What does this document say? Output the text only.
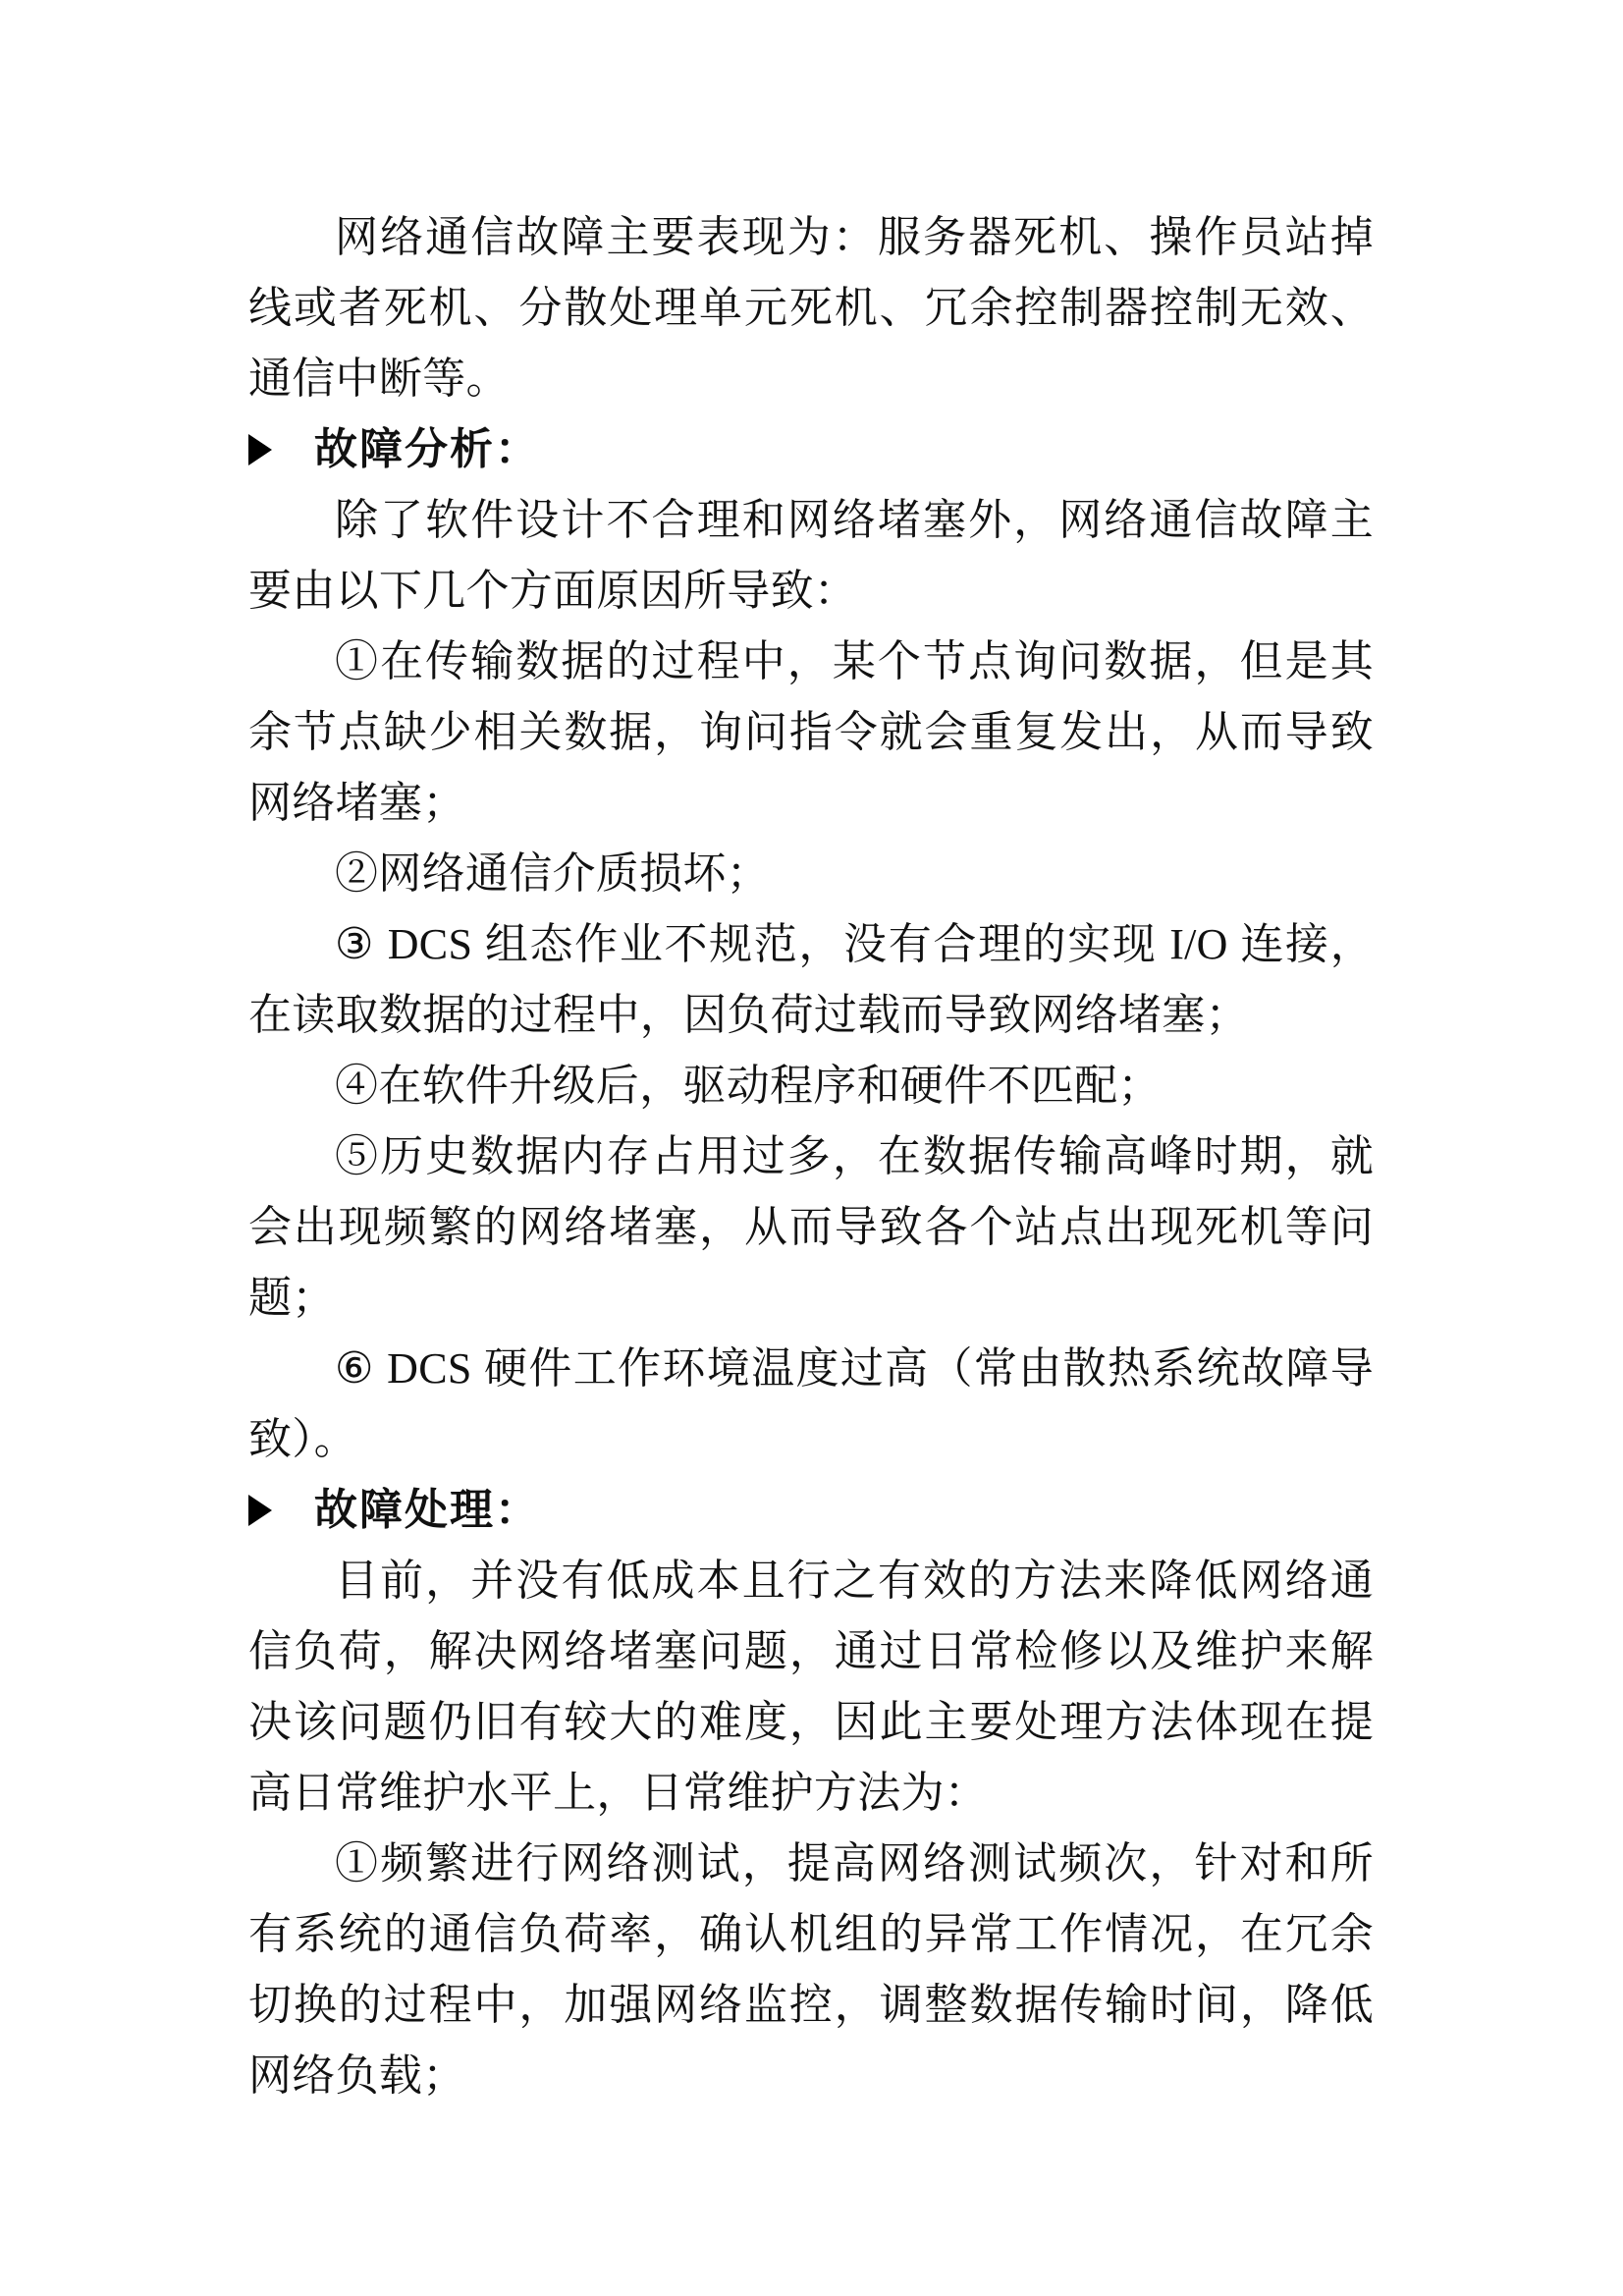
网络通信故障主要表现为：服务器死机、操作员站掉线或者死机、分散处理单元死机、冗余控制器控制无效、通信中断等。

故障分析：

除了软件设计不合理和网络堵塞外，网络通信故障主要由以下几个方面原因所导致：

①在传输数据的过程中，某个节点询问数据，但是其余节点缺少相关数据，询问指令就会重复发出，从而导致网络堵塞；

②网络通信介质损坏；

③ DCS 组态作业不规范，没有合理的实现 I/O 连接，在读取数据的过程中，因负荷过载而导致网络堵塞；

④在软件升级后，驱动程序和硬件不匹配；

⑤历史数据内存占用过多，在数据传输高峰时期，就会出现频繁的网络堵塞，从而导致各个站点出现死机等问题；

⑥ DCS 硬件工作环境温度过高（常由散热系统故障导致）。

故障处理：

目前，并没有低成本且行之有效的方法来降低网络通信负荷，解决网络堵塞问题，通过日常检修以及维护来解决该问题仍旧有较大的难度，因此主要处理方法体现在提高日常维护水平上，日常维护方法为：

①频繁进行网络测试，提高网络测试频次，针对和所有系统的通信负荷率，确认机组的异常工作情况，在冗余切换的过程中，加强网络监控，调整数据传输时间，降低网络负载；
